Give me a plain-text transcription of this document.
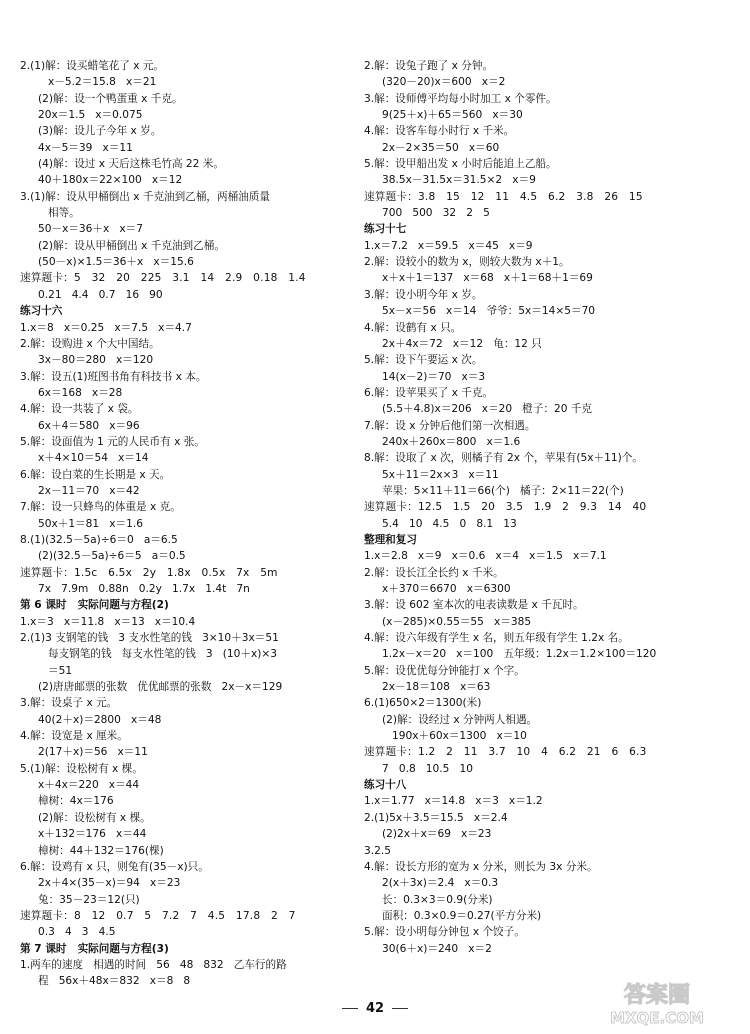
2.(1)解：设买蜡笔花了 x 元。
x－5.2＝15.8   x＝21
(2)解：设一个鸭蛋重 x 千克。
20x＝1.5   x＝0.075
(3)解：设儿子今年 x 岁。
4x－5＝39   x＝11
(4)解：设过 x 天后这株毛竹高 22 米。
40＋180x＝22×100   x＝12
3.(1)解：设从甲桶倒出 x 千克油到乙桶，两桶油质量
相等。
50－x＝36＋x   x＝7
(2)解：设从甲桶倒出 x 千克油到乙桶。
(50－x)×1.5＝36＋x   x＝15.6
速算题卡：5   32   20   225   3.1   14   2.9   0.18   1.4
0.21   4.4   0.7   16   90
练习十六
1.x＝8   x＝0.25   x＝7.5   x＝4.7
2.解：设购进 x 个大中国结。
3x－80＝280   x＝120
3.解：设五(1)班图书角有科技书 x 本。
6x＝168   x＝28
4.解：设一共装了 x 袋。
6x＋4＝580   x＝96
5.解：设面值为 1 元的人民币有 x 张。
x＋4×10＝54   x＝14
6.解：设白菜的生长期是 x 天。
2x－11＝70   x＝42
7.解：设一只蜂鸟的体重是 x 克。
50x＋1＝81   x＝1.6
8.(1)(32.5－5a)÷6＝0   a＝6.5
(2)(32.5－5a)÷6＝5   a＝0.5
速算题卡：1.5c   6.5x   2y   1.8x   0.5x   7x   5m
7x   7.9m   0.88n   0.2y   1.7x   1.4t   7n
第 6 课时   实际问题与方程(2)
1.x＝3   x＝11.8   x＝13   x＝10.4
2.(1)3 支钢笔的钱   3 支水性笔的钱   3×10＋3x＝51
每支钢笔的钱   每支水性笔的钱   3   (10＋x)×3
＝51
(2)唐唐邮票的张数   优优邮票的张数   2x－x＝129
3.解：设桌子 x 元。
40(2＋x)＝2800   x＝48
4.解：设宽是 x 厘米。
2(17＋x)＝56   x＝11
5.(1)解：设松树有 x 棵。
x＋4x＝220   x＝44
樟树：4x＝176
(2)解：设松树有 x 棵。
x＋132＝176   x＝44
樟树：44＋132＝176(棵)
6.解：设鸡有 x 只，则兔有(35－x)只。
2x＋4×(35－x)＝94   x＝23
兔：35－23＝12(只)
速算题卡：8   12   0.7   5   7.2   7   4.5   17.8   2   7
0.3   4   3   4.5
第 7 课时   实际问题与方程(3)
1.两车的速度   相遇的时间   56   48   832   乙车行的路
程   56x＋48x＝832   x＝8   8
2.解：设兔子跑了 x 分钟。
(320－20)x＝600   x＝2
3.解：设师傅平均每小时加工 x 个零件。
9(25＋x)＋65＝560   x＝30
4.解：设客车每小时行 x 千米。
2x－2×35＝50   x＝60
5.解：设甲船出发 x 小时后能追上乙船。
38.5x－31.5x＝31.5×2   x＝9
速算题卡：3.8   15   12   11   4.5   6.2   3.8   26   15
700   500   32   2   5
练习十七
1.x＝7.2   x＝59.5   x＝45   x＝9
2.解：设较小的数为 x，则较大数为 x＋1。
x＋x＋1＝137   x＝68   x＋1＝68＋1＝69
3.解：设小明今年 x 岁。
5x－x＝56   x＝14   爷爷：5x＝14×5＝70
4.解：设鹤有 x 只。
2x＋4x＝72   x＝12   龟：12 只
5.解：设下午要运 x 次。
14(x－2)＝70   x＝3
6.解：设苹果买了 x 千克。
(5.5＋4.8)x＝206   x＝20   橙子：20 千克
7.解：设 x 分钟后他们第一次相遇。
240x＋260x＝800   x＝1.6
8.解：设取了 x 次，则橘子有 2x 个，苹果有(5x＋11)个。
5x＋11＝2x×3   x＝11
苹果：5×11＋11＝66(个)   橘子：2×11＝22(个)
速算题卡：12.5   1.5   20   3.5   1.9   2   9.3   14   40
5.4   10   4.5   0   8.1   13
整理和复习
1.x＝2.8   x＝9   x＝0.6   x＝4   x＝1.5   x＝7.1
2.解：设长江全长约 x 千米。
x＋370＝6670   x＝6300
3.解：设 602 室本次的电表读数是 x 千瓦时。
(x－285)×0.55＝55   x＝385
4.解：设六年级有学生 x 名，则五年级有学生 1.2x 名。
1.2x－x＝20   x＝100   五年级：1.2x＝1.2×100＝120
5.解：设优优每分钟能打 x 个字。
2x－18＝108   x＝63
6.(1)650×2＝1300(米)
(2)解：设经过 x 分钟两人相遇。
190x＋60x＝1300   x＝10
速算题卡：1.2   2   11   3.7   10   4   6.2   21   6   6.3
7   0.8   10.5   10
练习十八
1.x＝1.77   x＝14.8   x＝3   x＝1.2
2.(1)5x＋3.5＝15.5   x＝2.4
(2)2x＋x＝69   x＝23
3.2.5
4.解：设长方形的宽为 x 分米，则长为 3x 分米。
2(x＋3x)＝2.4   x＝0.3
长：0.3×3＝0.9(分米)
面积：0.3×0.9＝0.27(平方分米)
5.解：设小明每分钟包 x 个饺子。
30(6＋x)＝240   x＝2
42
答案圈
MXQE.COM
